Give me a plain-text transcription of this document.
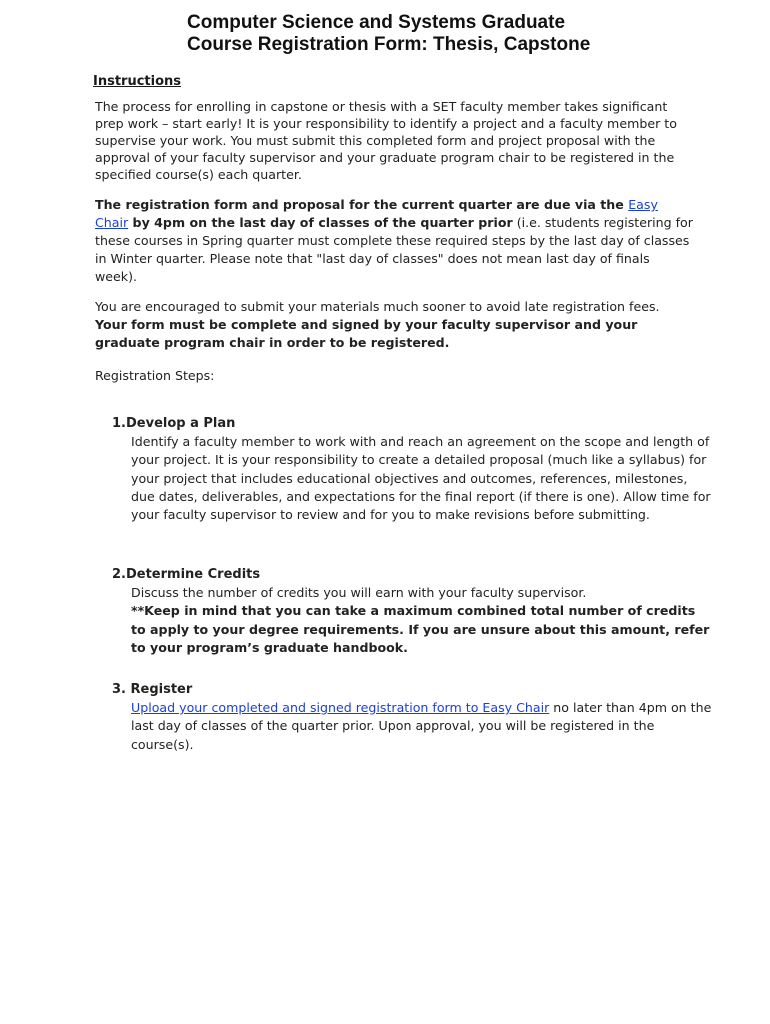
Computer Science and Systems Graduate
Course Registration Form: Thesis, Capstone
Instructions

The process for enrolling in capstone or thesis with a SET faculty member takes significant prep work – start early! It is your responsibility to identify a project and a faculty member to supervise your work. You must submit this completed form and project proposal with the approval of your faculty supervisor and your graduate program chair to be registered in the specified course(s) each quarter.

The registration form and proposal for the current quarter are due via the Easy Chair by 4pm on the last day of classes of the quarter prior (i.e. students registering for these courses in Spring quarter must complete these required steps by the last day of classes in Winter quarter. Please note that "last day of classes" does not mean last day of finals week).

You are encouraged to submit your materials much sooner to avoid late registration fees. Your form must be complete and signed by your faculty supervisor and your graduate program chair in order to be registered.

Registration Steps:

1.Develop a Plan
Identify a faculty member to work with and reach an agreement on the scope and length of your project. It is your responsibility to create a detailed proposal (much like a syllabus) for your project that includes educational objectives and outcomes, references, milestones, due dates, deliverables, and expectations for the final report (if there is one). Allow time for your faculty supervisor to review and for you to make revisions before submitting.
2.Determine Credits
Discuss the number of credits you will earn with your faculty supervisor.
**Keep in mind that you can take a maximum combined total number of credits to apply to your degree requirements. If you are unsure about this amount, refer to your program’s graduate handbook.
3. Register
Upload your completed and signed registration form to Easy Chair no later than 4pm on the last day of classes of the quarter prior. Upon approval, you will be registered in the course(s).
